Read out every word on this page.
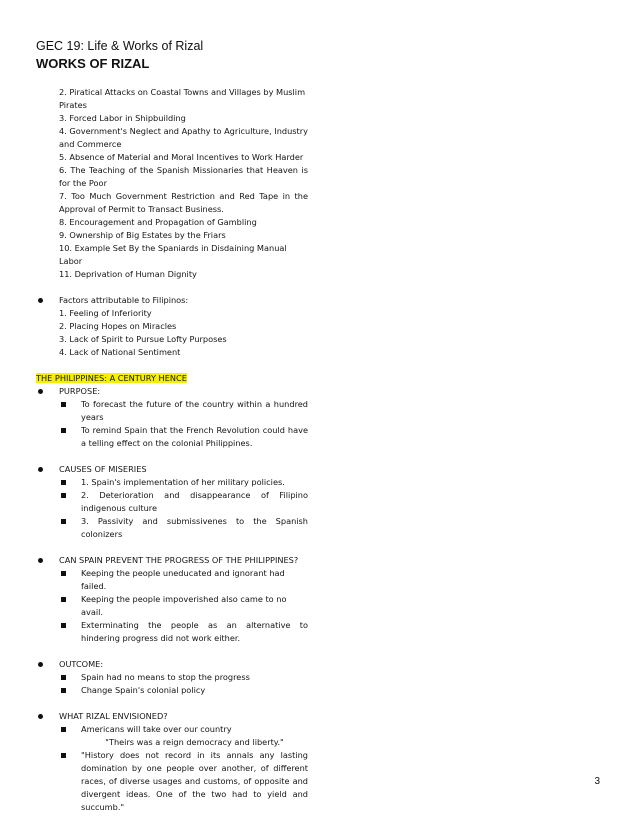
GEC 19: Life & Works of Rizal
WORKS OF RIZAL
2. Piratical Attacks on Coastal Towns and Villages by Muslim Pirates
3. Forced Labor in Shipbuilding
4. Government's Neglect and Apathy to Agriculture, Industry and Commerce
5. Absence of Material and Moral Incentives to Work Harder
6. The Teaching of the Spanish Missionaries that Heaven is for the Poor
7. Too Much Government Restriction and Red Tape in the Approval of Permit to Transact Business.
8. Encouragement and Propagation of Gambling
9. Ownership of Big Estates by the Friars
10. Example Set By the Spaniards in Disdaining Manual Labor
11. Deprivation of Human Dignity
Factors attributable to Filipinos:
1. Feeling of Inferiority
2. Placing Hopes on Miracles
3. Lack of Spirit to Pursue Lofty Purposes
4. Lack of National Sentiment
THE PHILIPPINES: A CENTURY HENCE
PURPOSE:
To forecast the future of the country within a hundred years
To remind Spain that the French Revolution could have a telling effect on the colonial Philippines.
CAUSES OF MISERIES
1. Spain's implementation of her military policies.
2. Deterioration and disappearance of Filipino indigenous culture
3. Passivity and submissivenes to the Spanish colonizers
CAN SPAIN PREVENT THE PROGRESS OF THE PHILIPPINES?
Keeping the people uneducated and ignorant had failed.
Keeping the people impoverished also came to no avail.
Exterminating the people as an alternative to hindering progress did not work either.
OUTCOME:
Spain had no means to stop the progress
Change Spain's colonial policy
WHAT RIZAL ENVISIONED?
Americans will take over our country
"Theirs was a reign democracy and liberty."
"History does not record in its annals any lasting domination by one people over another, of different races, of diverse usages and customs, of opposite and divergent ideas. One of the two had to yield and succumb."
3
